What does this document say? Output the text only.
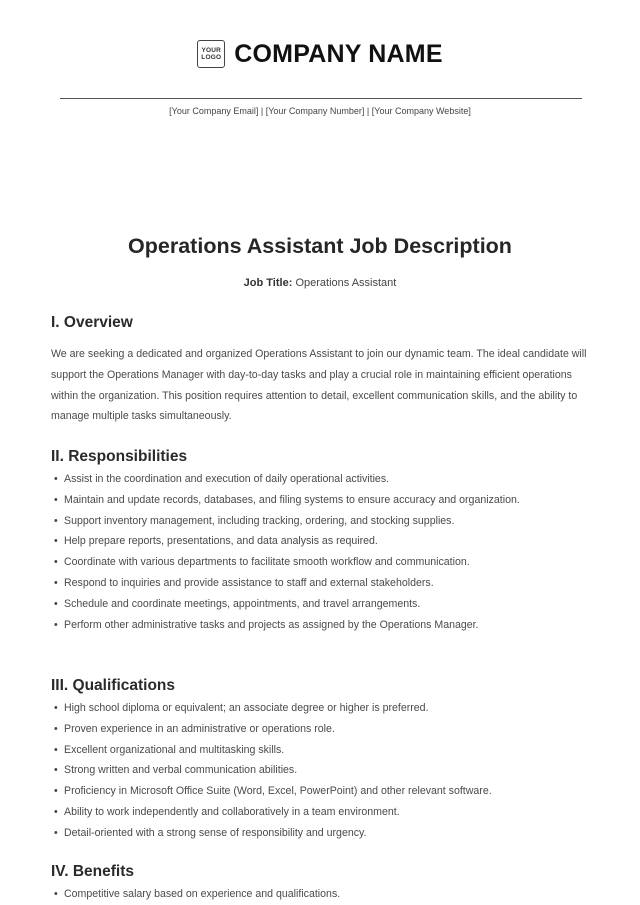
YOUR
LOGO COMPANY NAME
[Your Company Email] | [Your Company Number] | [Your Company Website]
Operations Assistant Job Description
Job Title: Operations Assistant
I. Overview
We are seeking a dedicated and organized Operations Assistant to join our dynamic team. The ideal candidate will support the Operations Manager with day-to-day tasks and play a crucial role in maintaining efficient operations within the organization. This position requires attention to detail, excellent communication skills, and the ability to manage multiple tasks simultaneously.
II. Responsibilities
• Assist in the coordination and execution of daily operational activities.
• Maintain and update records, databases, and filing systems to ensure accuracy and organization.
• Support inventory management, including tracking, ordering, and stocking supplies.
• Help prepare reports, presentations, and data analysis as required.
• Coordinate with various departments to facilitate smooth workflow and communication.
• Respond to inquiries and provide assistance to staff and external stakeholders.
• Schedule and coordinate meetings, appointments, and travel arrangements.
• Perform other administrative tasks and projects as assigned by the Operations Manager.
III. Qualifications
• High school diploma or equivalent; an associate degree or higher is preferred.
• Proven experience in an administrative or operations role.
• Excellent organizational and multitasking skills.
• Strong written and verbal communication abilities.
• Proficiency in Microsoft Office Suite (Word, Excel, PowerPoint) and other relevant software.
• Ability to work independently and collaboratively in a team environment.
• Detail-oriented with a strong sense of responsibility and urgency.
IV. Benefits
• Competitive salary based on experience and qualifications.
